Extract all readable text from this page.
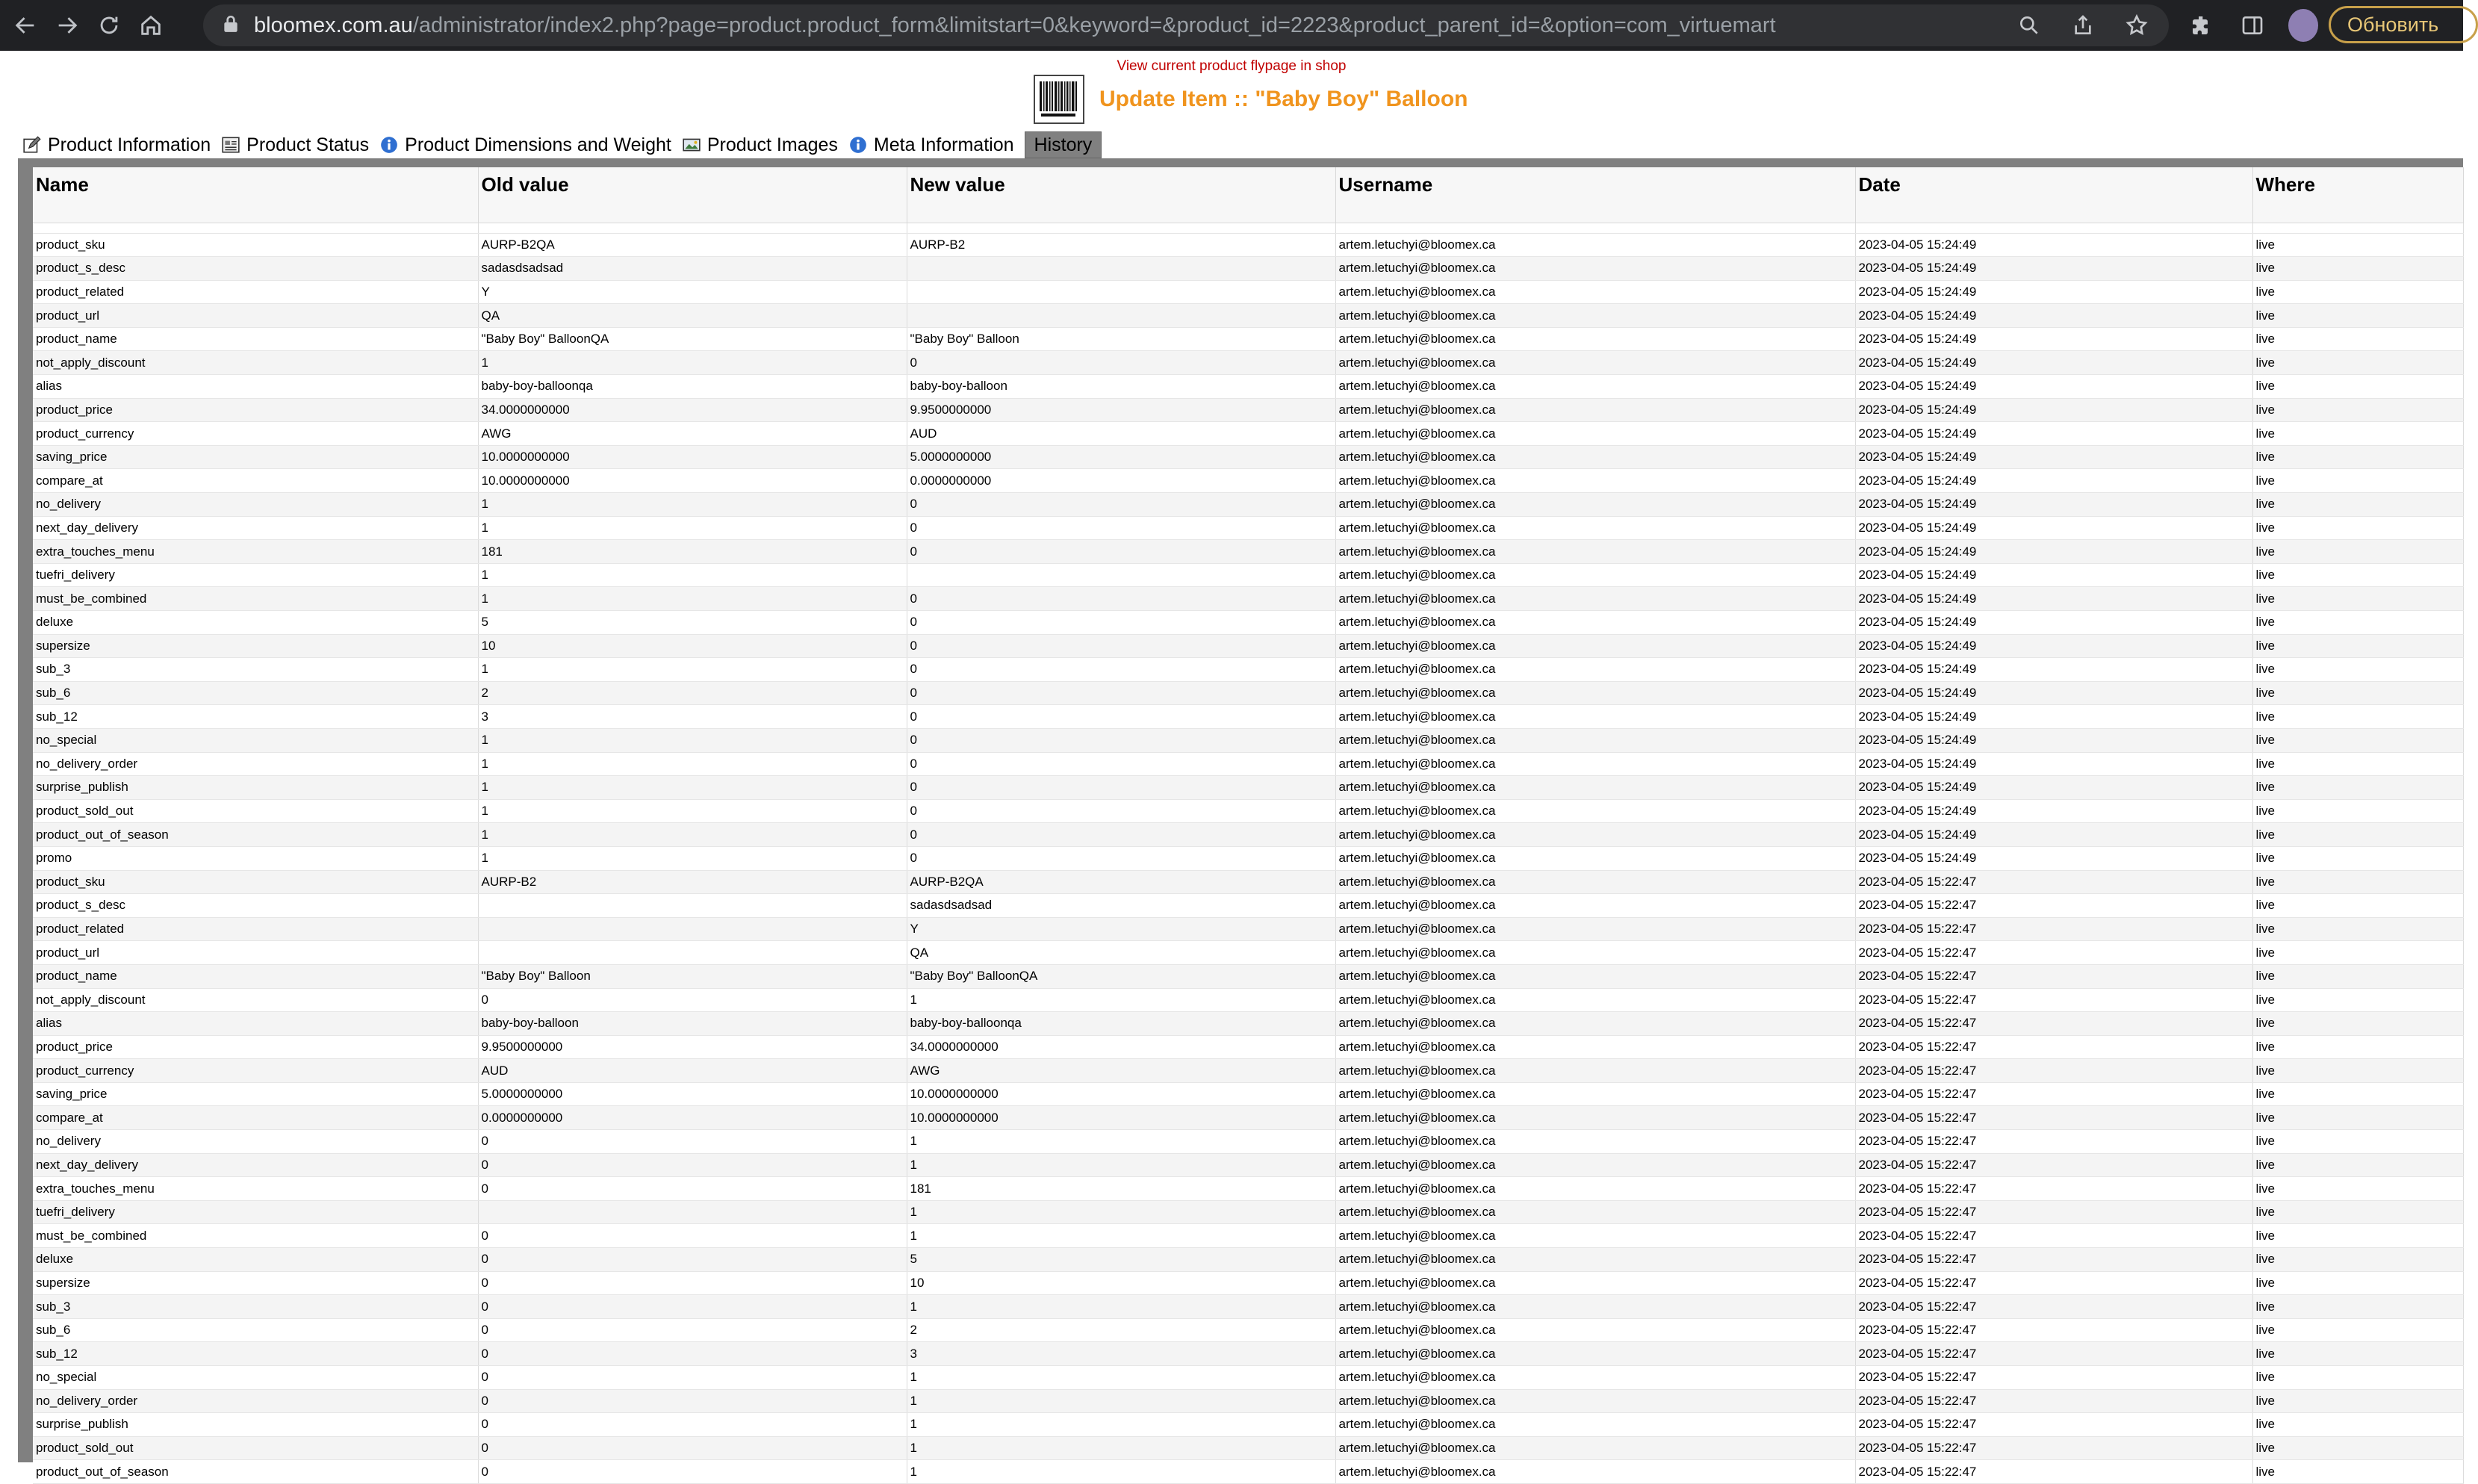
bloomex.com.au/administrator/index2.php?page=product.product_form&limitstart=0&keyword=&product_id=2223&product_parent_id=&option=com_virtuemart	Обновить
View current product flypage in shop
Update Item :: "Baby Boy" Balloon
Product Information Product Status Product Dimensions and Weight Product Images Meta Information History
Name	Old value	New value	Username	Date	Where

product_sku	AURP-B2QA	AURP-B2	artem.letuchyi@bloomex.ca	2023-04-05 15:24:49	live
product_s_desc	sadasdsadsad		artem.letuchyi@bloomex.ca	2023-04-05 15:24:49	live
product_related	Y		artem.letuchyi@bloomex.ca	2023-04-05 15:24:49	live
product_url	QA		artem.letuchyi@bloomex.ca	2023-04-05 15:24:49	live
product_name	"Baby Boy" BalloonQA	"Baby Boy" Balloon	artem.letuchyi@bloomex.ca	2023-04-05 15:24:49	live
not_apply_discount	1	0	artem.letuchyi@bloomex.ca	2023-04-05 15:24:49	live
alias	baby-boy-balloonqa	baby-boy-balloon	artem.letuchyi@bloomex.ca	2023-04-05 15:24:49	live
product_price	34.0000000000	9.9500000000	artem.letuchyi@bloomex.ca	2023-04-05 15:24:49	live
product_currency	AWG	AUD	artem.letuchyi@bloomex.ca	2023-04-05 15:24:49	live
saving_price	10.0000000000	5.0000000000	artem.letuchyi@bloomex.ca	2023-04-05 15:24:49	live
compare_at	10.0000000000	0.0000000000	artem.letuchyi@bloomex.ca	2023-04-05 15:24:49	live
no_delivery	1	0	artem.letuchyi@bloomex.ca	2023-04-05 15:24:49	live
next_day_delivery	1	0	artem.letuchyi@bloomex.ca	2023-04-05 15:24:49	live
extra_touches_menu	181	0	artem.letuchyi@bloomex.ca	2023-04-05 15:24:49	live
tuefri_delivery	1		artem.letuchyi@bloomex.ca	2023-04-05 15:24:49	live
must_be_combined	1	0	artem.letuchyi@bloomex.ca	2023-04-05 15:24:49	live
deluxe	5	0	artem.letuchyi@bloomex.ca	2023-04-05 15:24:49	live
supersize	10	0	artem.letuchyi@bloomex.ca	2023-04-05 15:24:49	live
sub_3	1	0	artem.letuchyi@bloomex.ca	2023-04-05 15:24:49	live
sub_6	2	0	artem.letuchyi@bloomex.ca	2023-04-05 15:24:49	live
sub_12	3	0	artem.letuchyi@bloomex.ca	2023-04-05 15:24:49	live
no_special	1	0	artem.letuchyi@bloomex.ca	2023-04-05 15:24:49	live
no_delivery_order	1	0	artem.letuchyi@bloomex.ca	2023-04-05 15:24:49	live
surprise_publish	1	0	artem.letuchyi@bloomex.ca	2023-04-05 15:24:49	live
product_sold_out	1	0	artem.letuchyi@bloomex.ca	2023-04-05 15:24:49	live
product_out_of_season	1	0	artem.letuchyi@bloomex.ca	2023-04-05 15:24:49	live
promo	1	0	artem.letuchyi@bloomex.ca	2023-04-05 15:24:49	live
product_sku	AURP-B2	AURP-B2QA	artem.letuchyi@bloomex.ca	2023-04-05 15:22:47	live
product_s_desc		sadasdsadsad	artem.letuchyi@bloomex.ca	2023-04-05 15:22:47	live
product_related		Y	artem.letuchyi@bloomex.ca	2023-04-05 15:22:47	live
product_url		QA	artem.letuchyi@bloomex.ca	2023-04-05 15:22:47	live
product_name	"Baby Boy" Balloon	"Baby Boy" BalloonQA	artem.letuchyi@bloomex.ca	2023-04-05 15:22:47	live
not_apply_discount	0	1	artem.letuchyi@bloomex.ca	2023-04-05 15:22:47	live
alias	baby-boy-balloon	baby-boy-balloonqa	artem.letuchyi@bloomex.ca	2023-04-05 15:22:47	live
product_price	9.9500000000	34.0000000000	artem.letuchyi@bloomex.ca	2023-04-05 15:22:47	live
product_currency	AUD	AWG	artem.letuchyi@bloomex.ca	2023-04-05 15:22:47	live
saving_price	5.0000000000	10.0000000000	artem.letuchyi@bloomex.ca	2023-04-05 15:22:47	live
compare_at	0.0000000000	10.0000000000	artem.letuchyi@bloomex.ca	2023-04-05 15:22:47	live
no_delivery	0	1	artem.letuchyi@bloomex.ca	2023-04-05 15:22:47	live
next_day_delivery	0	1	artem.letuchyi@bloomex.ca	2023-04-05 15:22:47	live
extra_touches_menu	0	181	artem.letuchyi@bloomex.ca	2023-04-05 15:22:47	live
tuefri_delivery		1	artem.letuchyi@bloomex.ca	2023-04-05 15:22:47	live
must_be_combined	0	1	artem.letuchyi@bloomex.ca	2023-04-05 15:22:47	live
deluxe	0	5	artem.letuchyi@bloomex.ca	2023-04-05 15:22:47	live
supersize	0	10	artem.letuchyi@bloomex.ca	2023-04-05 15:22:47	live
sub_3	0	1	artem.letuchyi@bloomex.ca	2023-04-05 15:22:47	live
sub_6	0	2	artem.letuchyi@bloomex.ca	2023-04-05 15:22:47	live
sub_12	0	3	artem.letuchyi@bloomex.ca	2023-04-05 15:22:47	live
no_special	0	1	artem.letuchyi@bloomex.ca	2023-04-05 15:22:47	live
no_delivery_order	0	1	artem.letuchyi@bloomex.ca	2023-04-05 15:22:47	live
surprise_publish	0	1	artem.letuchyi@bloomex.ca	2023-04-05 15:22:47	live
product_sold_out	0	1	artem.letuchyi@bloomex.ca	2023-04-05 15:22:47	live
product_out_of_season	0	1	artem.letuchyi@bloomex.ca	2023-04-05 15:22:47	live
